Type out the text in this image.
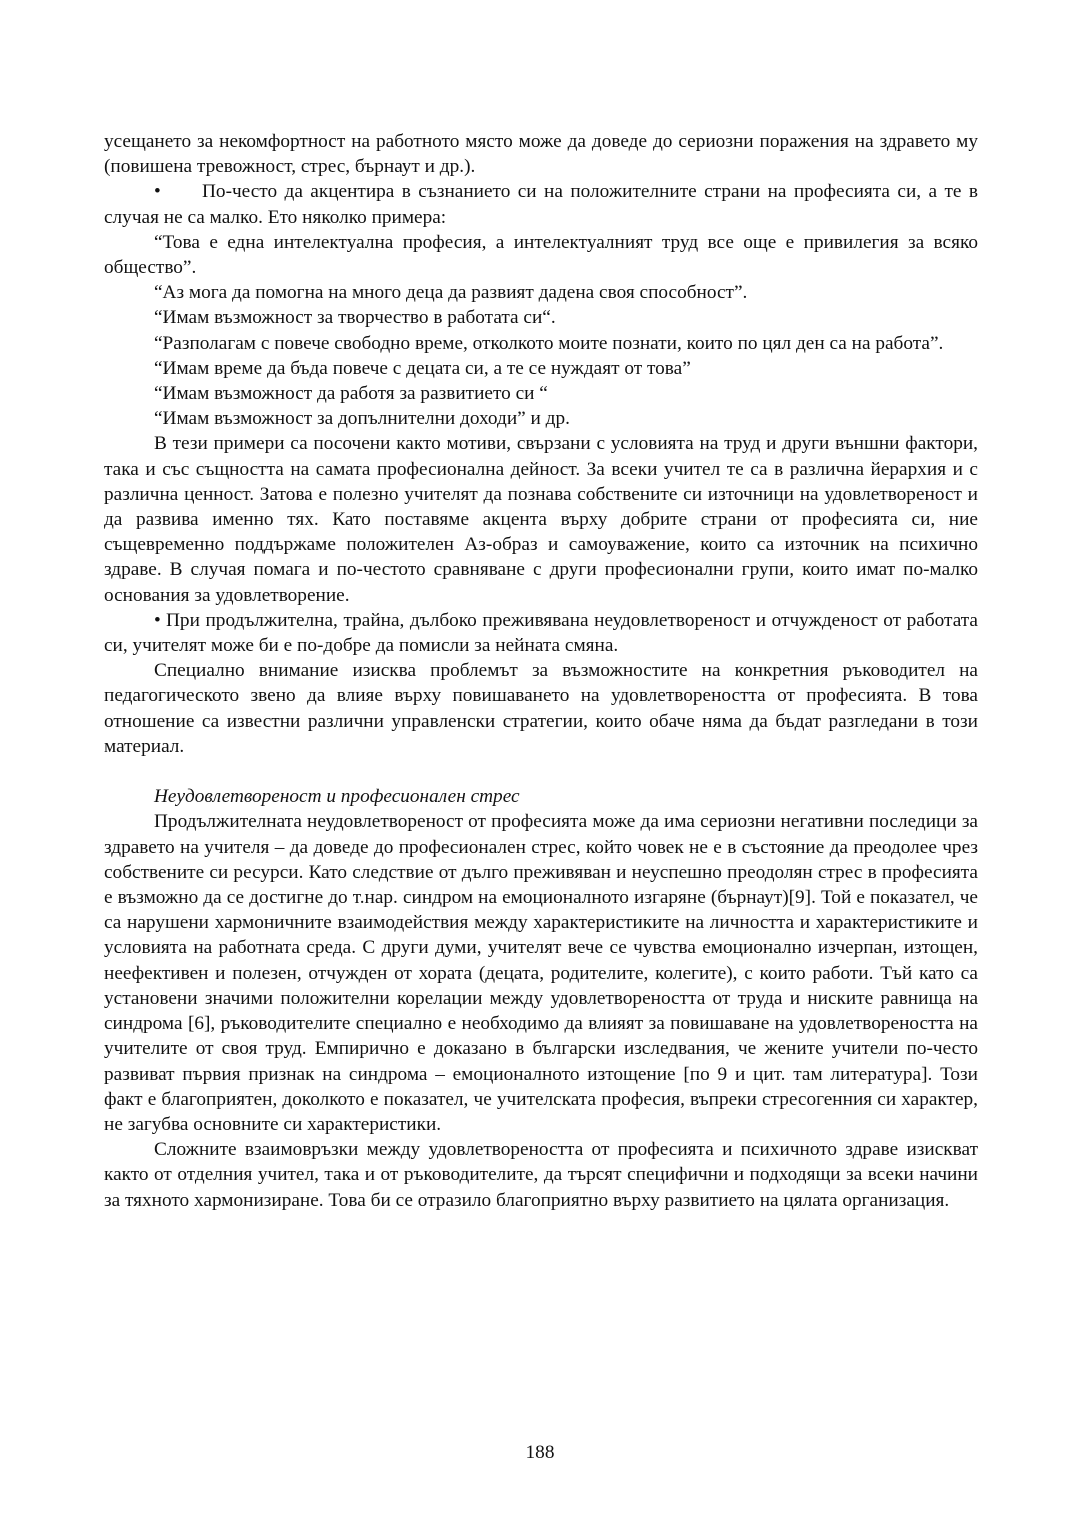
усещането за некомфортност на работното място може да доведе до сериозни поражения на здравето му (повишена тревожност, стрес, бърнаут и др.).

• По-често да акцентира в съзнанието си на положителните страни на професията си, а те в случая не са малко. Ето няколко примера:

“Това е една интелектуална професия, а интелектуалният труд все още е привилегия за всяко общество”.

“Аз мога да помогна на много деца да развият дадена своя способност”.

“Имам възможност за творчество в работата си“.

“Разполагам с повече свободно време, отколкото моите познати, които по цял ден са на работа”.

“Имам време да бъда повече с децата си, а те се нуждаят от това”

“Имам възможност да работя за развитието си “

“Имам възможност за допълнителни доходи” и др.

В тези примери са посочени както мотиви, свързани с условията на труд и други външни фактори, така и със същността на самата професионална дейност. За всеки учител те са в различна йерархия и с различна ценност. Затова е полезно учителят да познава собствените си източници на удовлетвореност и да развива именно тях. Като поставяме акцента върху добрите страни от професията си, ние същевременно поддържаме положителен Аз-образ и самоуважение, които са източник на психично здраве. В случая помага и по-честото сравняване с други професионални групи, които имат по-малко основания за удовлетворение.

• При продължителна, трайна, дълбоко преживявана неудовлетвореност и отчужденост от работата си, учителят може би е по-добре да помисли за нейната смяна.

Специално внимание изисква проблемът за възможностите на конкретния ръководител на педагогическото звено да влияе върху повишаването на удовлетвореността от професията. В това отношение са известни различни управленски стратегии, които обаче няма да бъдат разгледани в този материал.

Неудовлетвореност и професионален стрес

Продължителната неудовлетвореност от професията може да има сериозни негативни последици за здравето на учителя – да доведе до професионален стрес, който човек не е в състояние да преодолее чрез собствените си ресурси. Като следствие от дълго преживяван и неуспешно преодолян стрес в професията е възможно да се достигне до т.нар. синдром на емоционалното изгаряне (бърнаут)[9]. Той е показател, че са нарушени хармоничните взаимодействия между характеристиките на личността и характеристиките и условията на работната среда. С други думи, учителят вече се чувства емоционално изчерпан, изтощен, неефективен и полезен, отчужден от хората (децата, родителите, колегите), с които работи. Тъй като са установени значими положителни корелации между удовлетвореността от труда и ниските равнища на синдрома [6], ръководителите специално е необходимо да влияят за повишаване на удовлетвореността на учителите от своя труд. Емпирично е доказано в български изследвания, че жените учители по-често развиват първия признак на синдрома – емоционалното изтощение [по 9 и цит. там литература]. Този факт е благоприятен, доколкото е показател, че учителската професия, въпреки стресогенния си характер, не загубва основните си характеристики.

Сложните взаимовръзки между удовлетвореността от професията и психичното здраве изискват както от отделния учител, така и от ръководителите, да търсят специфични и подходящи за всеки начини за тяхното хармонизиране. Това би се отразило благоприятно върху развитието на цялата организация.

188
